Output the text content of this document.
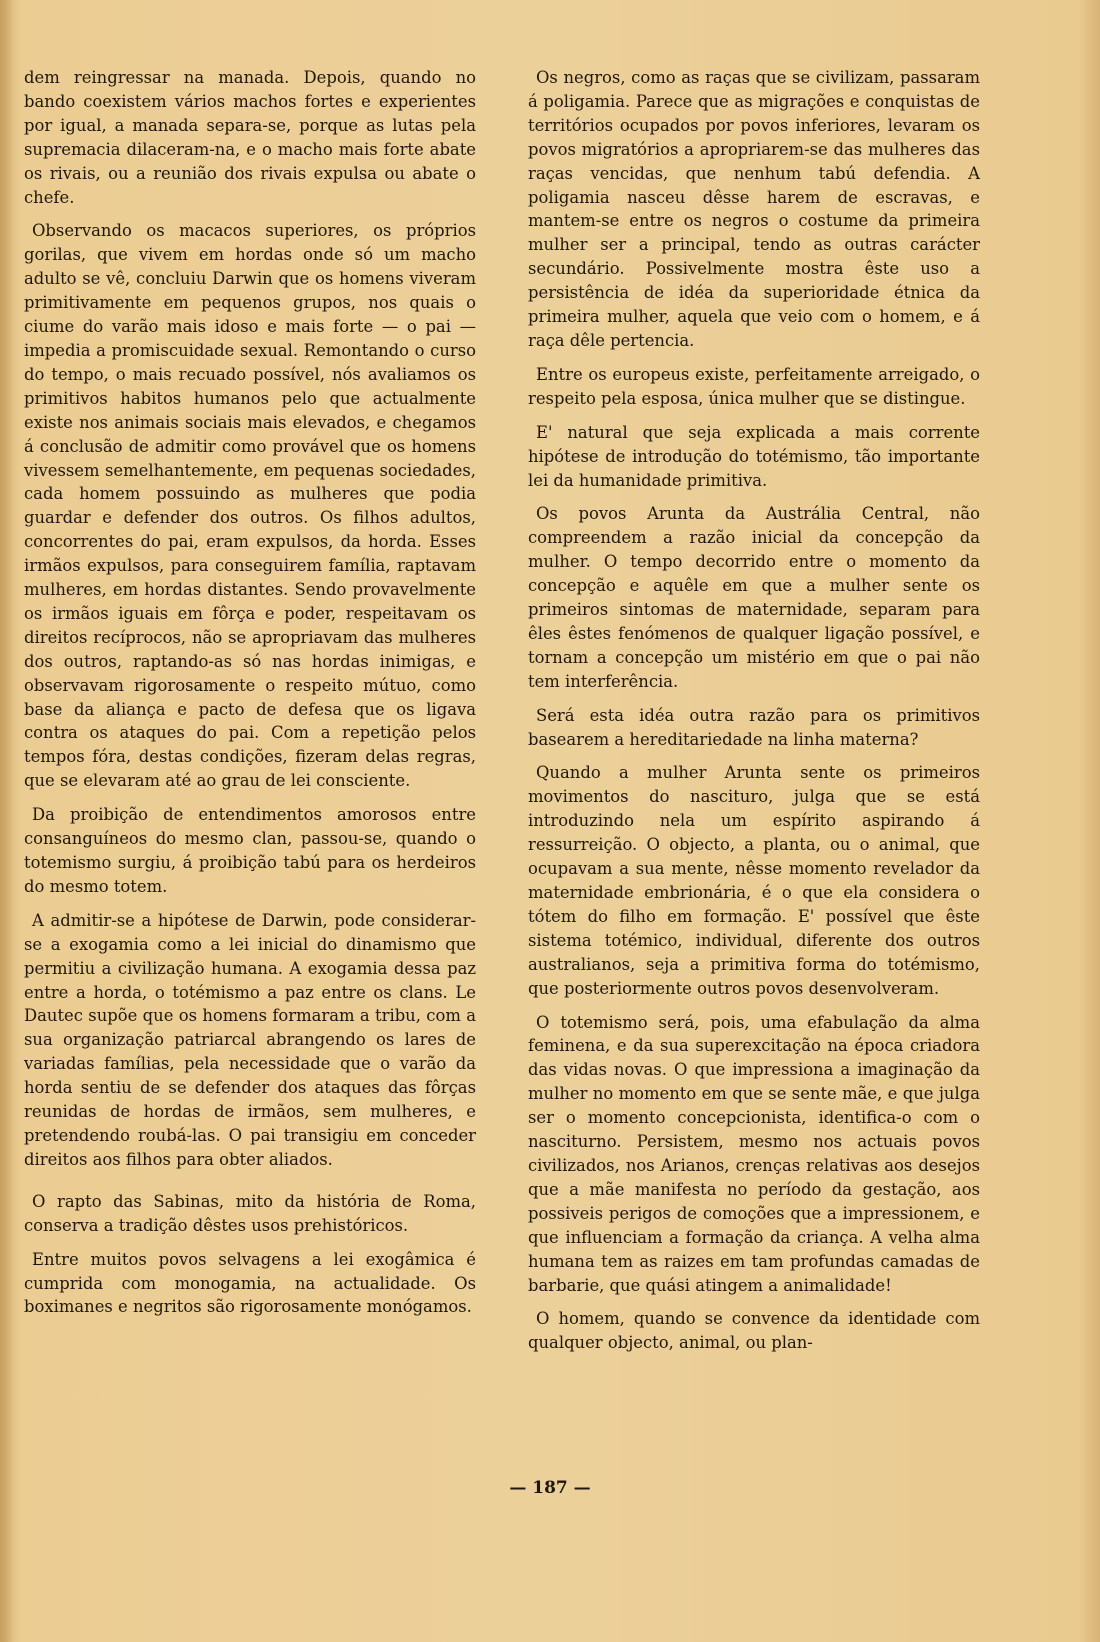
dem reingressar na manada. Depois, quando no bando coexistem vários machos fortes e experientes por igual, a manada separa-se, porque as lutas pela supremacia dilaceram-na, e o macho mais forte abate os rivais, ou a reunião dos rivais expulsa ou abate o chefe.

Observando os macacos superiores, os próprios gorilas, que vivem em hordas onde só um macho adulto se vê, concluiu Darwin que os homens viveram primitivamente em pequenos grupos, nos quais o ciume do varão mais idoso e mais forte — o pai — impedia a promiscuidade sexual. Remontando o curso do tempo, o mais recuado possível, nós avaliamos os primitivos habitos humanos pelo que actualmente existe nos animais sociais mais elevados, e chegamos á conclusão de admitir como provável que os homens vivessem semelhantemente, em pequenas sociedades, cada homem possuindo as mulheres que podia guardar e defender dos outros. Os filhos adultos, concorrentes do pai, eram expulsos, da horda. Esses irmãos expulsos, para conseguirem família, raptavam mulheres, em hordas distantes. Sendo provavelmente os irmãos iguais em fôrça e poder, respeitavam os direitos recíprocos, não se apropriavam das mulheres dos outros, raptando-as só nas hordas inimigas, e observavam rigorosamente o respeito mútuo, como base da aliança e pacto de defesa que os ligava contra os ataques do pai. Com a repetição pelos tempos fóra, destas condições, fizeram delas regras, que se elevaram até ao grau de lei consciente.

Da proibição de entendimentos amorosos entre consanguíneos do mesmo clan, passou-se, quando o totemismo surgiu, á proibição tabú para os herdeiros do mesmo totem.

A admitir-se a hipótese de Darwin, pode considerar-se a exogamia como a lei inicial do dinamismo que permitiu a civilização humana. A exogamia dessa paz entre a horda, o totémismo a paz entre os clans. Le Dautec supõe que os homens formaram a tribu, com a sua organização patriarcal abrangendo os lares de variadas famílias, pela necessidade que o varão da horda sentiu de se defender dos ataques das fôrças reunidas de hordas de irmãos, sem mulheres, e pretendendo roubá-las. O pai transigiu em conceder direitos aos filhos para obter aliados.

O rapto das Sabinas, mito da história de Roma, conserva a tradição dêstes usos prehistóricos.

Entre muitos povos selvagens a lei exogâmica é cumprida com monogamia, na actualidade. Os boximanes e negritos são rigorosamente monógamos.

Os negros, como as raças que se civilizam, passaram á poligamia. Parece que as migrações e conquistas de territórios ocupados por povos inferiores, levaram os povos migratórios a apropriarem-se das mulheres das raças vencidas, que nenhum tabú defendia. A poligamia nasceu dêsse harem de escravas, e mantem-se entre os negros o costume da primeira mulher ser a principal, tendo as outras carácter secundário. Possivelmente mostra êste uso a persistência de idéa da superioridade étnica da primeira mulher, aquela que veio com o homem, e á raça dêle pertencia.

Entre os europeus existe, perfeitamente arreigado, o respeito pela esposa, única mulher que se distingue.

E' natural que seja explicada a mais corrente hipótese de introdução do totémismo, tão importante lei da humanidade primitiva.

Os povos Arunta da Austrália Central, não compreendem a razão inicial da concepção da mulher. O tempo decorrido entre o momento da concepção e aquêle em que a mulher sente os primeiros sintomas de maternidade, separam para êles êstes fenómenos de qualquer ligação possível, e tornam a concepção um mistério em que o pai não tem interferência.

Será esta idéa outra razão para os primitivos basearem a hereditariedade na linha materna?

Quando a mulher Arunta sente os primeiros movimentos do nascituro, julga que se está introduzindo nela um espírito aspirando á ressurreição. O objecto, a planta, ou o animal, que ocupavam a sua mente, nêsse momento revelador da maternidade embrionária, é o que ela considera o tótem do filho em formação. E' possível que êste sistema totémico, individual, diferente dos outros australianos, seja a primitiva forma do totémismo, que posteriormente outros povos desenvolveram.

O totemismo será, pois, uma efabulação da alma feminena, e da sua superexcitação na época criadora das vidas novas. O que impressiona a imaginação da mulher no momento em que se sente mãe, e que julga ser o momento concepcionista, identifica-o com o nasciturno. Persistem, mesmo nos actuais povos civilizados, nos Arianos, crenças relativas aos desejos que a mãe manifesta no período da gestação, aos possiveis perigos de comoções que a impressionem, e que influenciam a formação da criança. A velha alma humana tem as raizes em tam profundas camadas de barbarie, que quási atingem a animalidade!

O homem, quando se convence da identidade com qualquer objecto, animal, ou plan-

— 187 —
